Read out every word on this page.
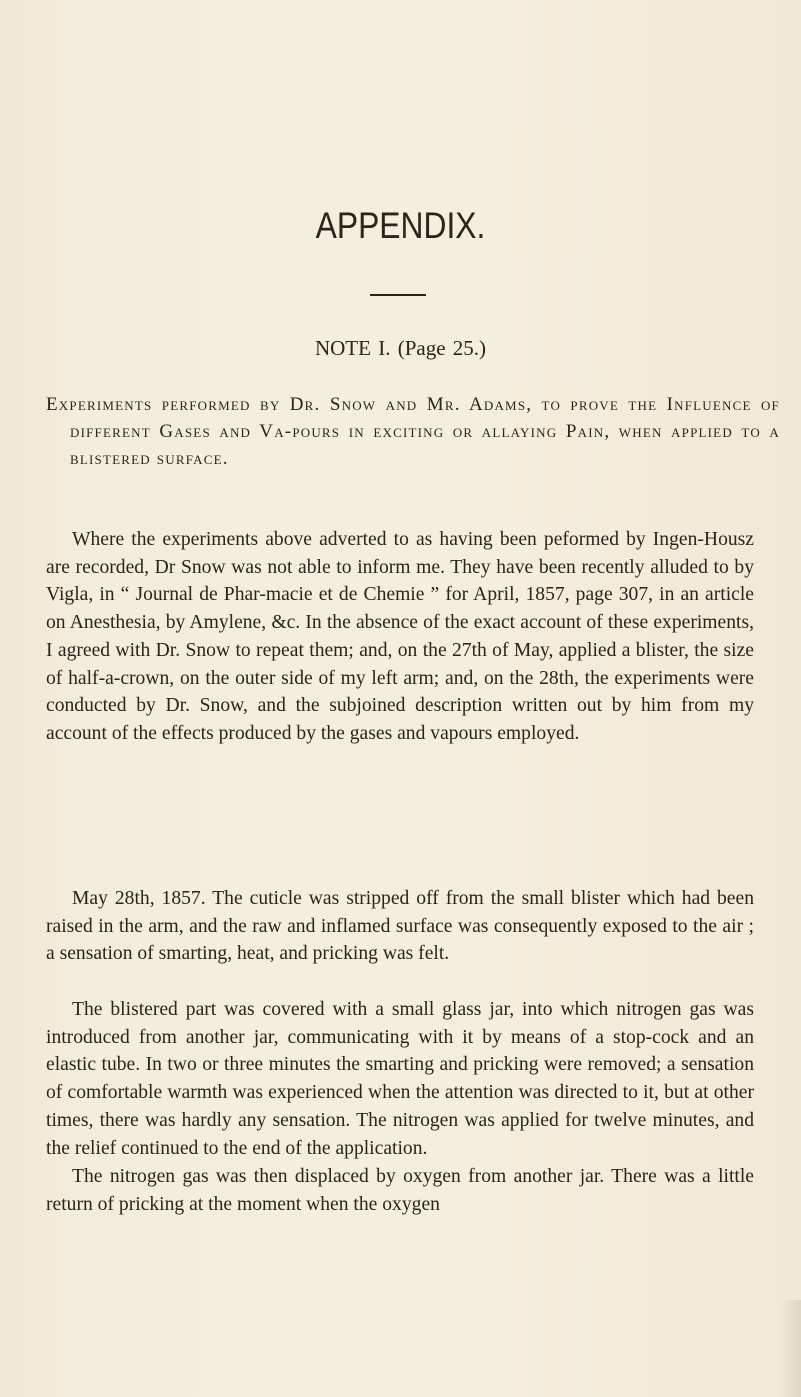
APPENDIX.
NOTE I. (Page 25.)

Experiments performed by Dr. Snow and Mr. Adams, to prove the Influence of different Gases and Va-pours in exciting or allaying Pain, when applied to a blistered surface.

Where the experiments above adverted to as having been peformed by Ingen-Housz are recorded, Dr Snow was not able to inform me. They have been recently alluded to by Vigla, in “ Journal de Phar-macie et de Chemie ” for April, 1857, page 307, in an article on Anesthesia, by Amylene, &c. In the absence of the exact account of these experiments, I agreed with Dr. Snow to repeat them; and, on the 27th of May, applied a blister, the size of half-a-crown, on the outer side of my left arm; and, on the 28th, the experiments were conducted by Dr. Snow, and the subjoined description written out by him from my account of the effects produced by the gases and vapours employed.

May 28th, 1857. The cuticle was stripped off from the small blister which had been raised in the arm, and the raw and inflamed surface was consequently exposed to the air ; a sensation of smarting, heat, and pricking was felt.

The blistered part was covered with a small glass jar, into which nitrogen gas was introduced from another jar, communicating with it by means of a stop-cock and an elastic tube. In two or three minutes the smarting and pricking were removed; a sensation of comfortable warmth was experienced when the attention was directed to it, but at other times, there was hardly any sensation. The nitrogen was applied for twelve minutes, and the relief continued to the end of the application.

The nitrogen gas was then displaced by oxygen from another jar. There was a little return of pricking at the moment when the oxygen
